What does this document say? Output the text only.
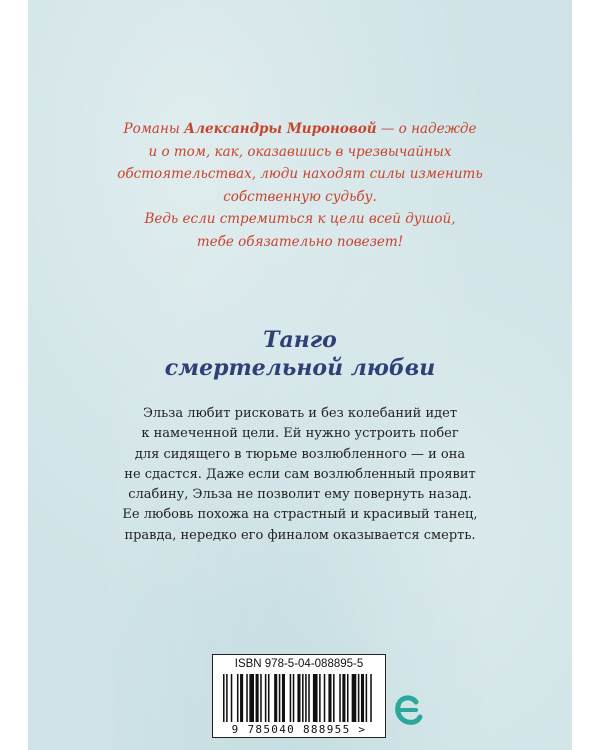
Романы Александры Мироновой — о надежде
и о том, как, оказавшись в чрезвычайных
обстоятельствах, люди находят силы изменить
собственную судьбу.
Ведь если стремиться к цели всей душой,
тебе обязательно повезет!
Танго
смертельной любви
Эльза любит рисковать и без колебаний идет
к намеченной цели. Ей нужно устроить побег
для сидящего в тюрьме возлюбленного — и она
не сдастся. Даже если сам возлюбленный проявит
слабину, Эльза не позволит ему повернуть назад.
Ее любовь похожа на страстный и красивый танец,
правда, нередко его финалом оказывается смерть.
ISBN 978-5-04-088895-5
9 785040 888955 >
